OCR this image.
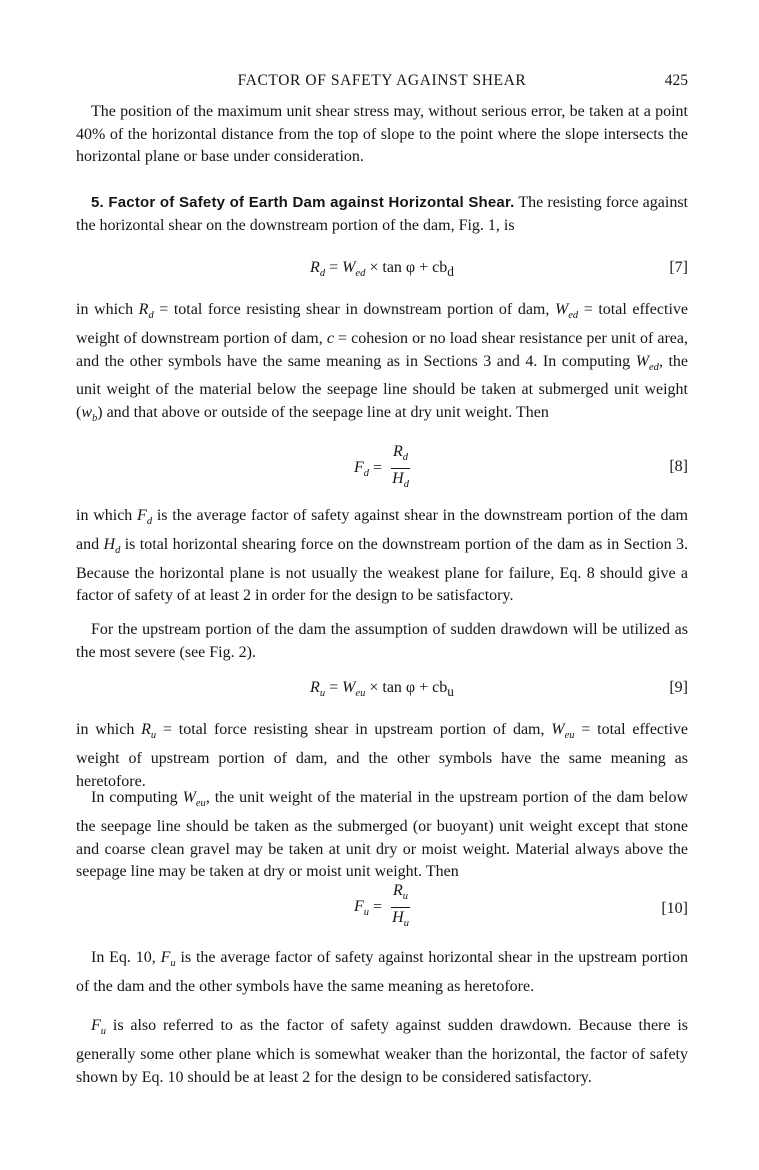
FACTOR OF SAFETY AGAINST SHEAR	425

The position of the maximum unit shear stress may, without serious error, be taken at a point 40% of the horizontal distance from the top of slope to the point where the slope intersects the horizontal plane or base under consideration.

5. Factor of Safety of Earth Dam against Horizontal Shear. The resisting force against the horizontal shear on the downstream portion of the dam, Fig. 1, is

$R_d = W_{ed} \times \tan \varphi + cb_d$	[7]

in which $R_d$ = total force resisting shear in downstream portion of dam, $W_{ed}$ = total effective weight of downstream portion of dam, c = cohesion or no load shear resistance per unit of area, and the other symbols have the same meaning as in Sections 3 and 4. In computing $W_{ed}$, the unit weight of the material below the seepage line should be taken at submerged unit weight $(w_b)$ and that above or outside of the seepage line at dry unit weight. Then

$F_d = \frac{R_d}{H_d}$	[8]

in which $F_d$ is the average factor of safety against shear in the downstream portion of the dam and $H_d$ is total horizontal shearing force on the downstream portion of the dam as in Section 3. Because the horizontal plane is not usually the weakest plane for failure, Eq. 8 should give a factor of safety of at least 2 in order for the design to be satisfactory.

For the upstream portion of the dam the assumption of sudden drawdown will be utilized as the most severe (see Fig. 2).

$R_u = W_{eu} \times \tan \varphi + cb_u$	[9]

in which $R_u$ = total force resisting shear in upstream portion of dam, $W_{eu}$ = total effective weight of upstream portion of dam, and the other symbols have the same meaning as heretofore.

In computing $W_{eu}$, the unit weight of the material in the upstream portion of the dam below the seepage line should be taken as the submerged (or buoyant) unit weight except that stone and coarse clean gravel may be taken at unit dry or moist weight. Material always above the seepage line may be taken at dry or moist unit weight. Then

$F_u = \frac{R_u}{H_u}$	[10]

In Eq. 10, $F_u$ is the average factor of safety against horizontal shear in the upstream portion of the dam and the other symbols have the same meaning as heretofore.

$F_u$ is also referred to as the factor of safety against sudden drawdown. Because there is generally some other plane which is somewhat weaker than the horizontal, the factor of safety shown by Eq. 10 should be at least 2 for the design to be considered satisfactory.
